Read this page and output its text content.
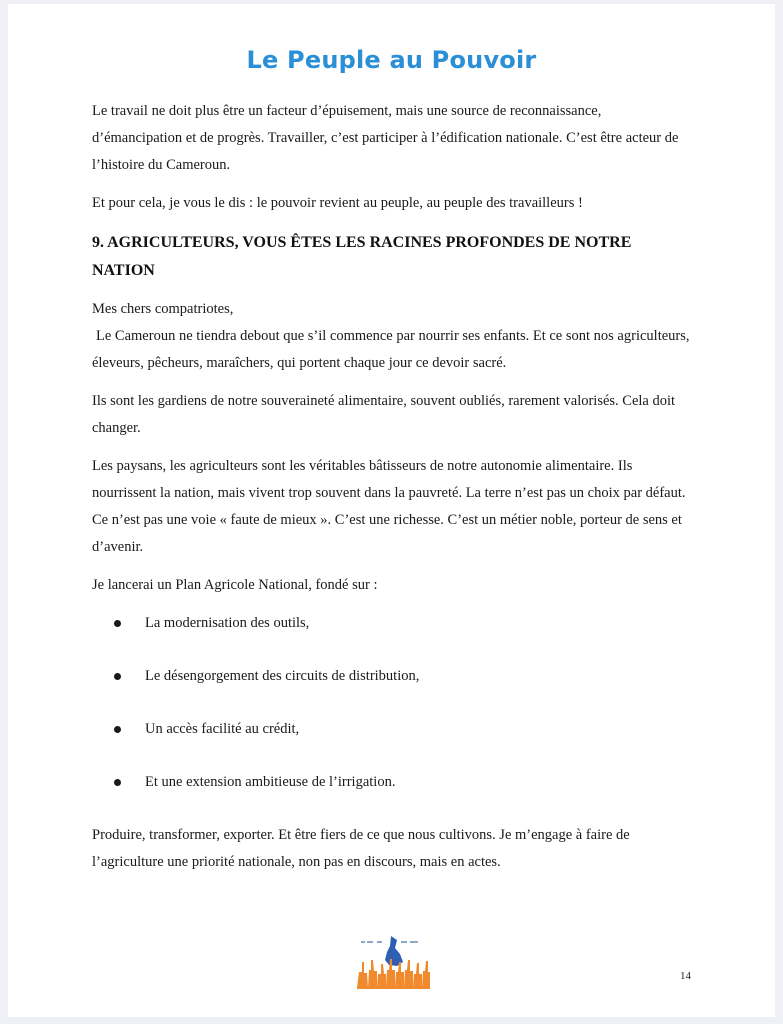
Le Peuple au Pouvoir

Le travail ne doit plus être un facteur d’épuisement, mais une source de reconnaissance, d’émancipation et de progrès. Travailler, c’est participer à l’édification nationale. C’est être acteur de l’histoire du Cameroun.

Et pour cela, je vous le dis : le pouvoir revient au peuple, au peuple des travailleurs !

9. AGRICULTEURS, VOUS ÊTES LES RACINES PROFONDES DE NOTRE NATION

Mes chers compatriotes,

Le Cameroun ne tiendra debout que s’il commence par nourrir ses enfants. Et ce sont nos agriculteurs, éleveurs, pêcheurs, maraîchers, qui portent chaque jour ce devoir sacré.

Ils sont les gardiens de notre souveraineté alimentaire, souvent oubliés, rarement valorisés. Cela doit changer.

Les paysans, les agriculteurs sont les véritables bâtisseurs de notre autonomie alimentaire. Ils nourrissent la nation, mais vivent trop souvent dans la pauvreté. La terre n’est pas un choix par défaut. Ce n’est pas une voie « faute de mieux ». C’est une richesse. C’est un métier noble, porteur de sens et d’avenir.

Je lancerai un Plan Agricole National, fondé sur :

La modernisation des outils,
Le désengorgement des circuits de distribution,
Un accès facilité au crédit,
Et une extension ambitieuse de l’irrigation.

Produire, transformer, exporter. Et être fiers de ce que nous cultivons. Je m’engage à faire de l’agriculture une priorité nationale, non pas en discours, mais en actes.

14
